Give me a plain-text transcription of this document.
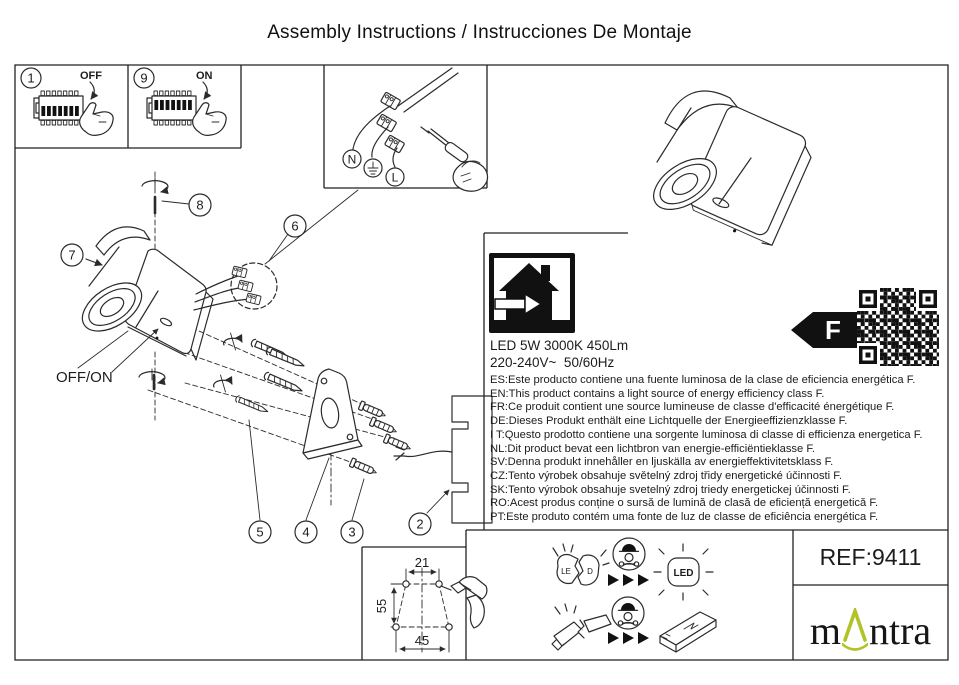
Assembly Instructions / Instrucciones De Montaje
1	OFF	9	ON
N
L
8
7
OFF/ON
6
5	4	3
2
F
21
55
45
LE D	LED
LED 5W 3000K 450Lm
220-240V~  50/60Hz
ES:Este producto contiene una fuente luminosa de la clase de eficiencia energética F.
EN:This product contains a light source of energy efficiency class F.
FR:Ce produit contient une source lumineuse de classe d'efficacité énergétique F.
DE:Dieses Produkt enthält eine Lichtquelle der Energieeffizienzklasse F.
I T:Questo prodotto contiene una sorgente luminosa di classe di efficienza energetica F.
NL:Dit product bevat een lichtbron van energie-efficiëntieklasse F.
SV:Denna produkt innehåller en ljuskälla av energieffektivitetsklass F.
CZ:Tento výrobek obsahuje světelný zdroj třidy energetické účinnosti F.
SK:Tento výrobok obsahuje svetelný zdroj triedy energetickej účinnosti F.
RO:Acest produs conține o sursă de lumină de clasă de eficiență energetică F.
PT:Este produto contém uma fonte de luz de classe de eficiência energética F.
REF:9411
m ntra
